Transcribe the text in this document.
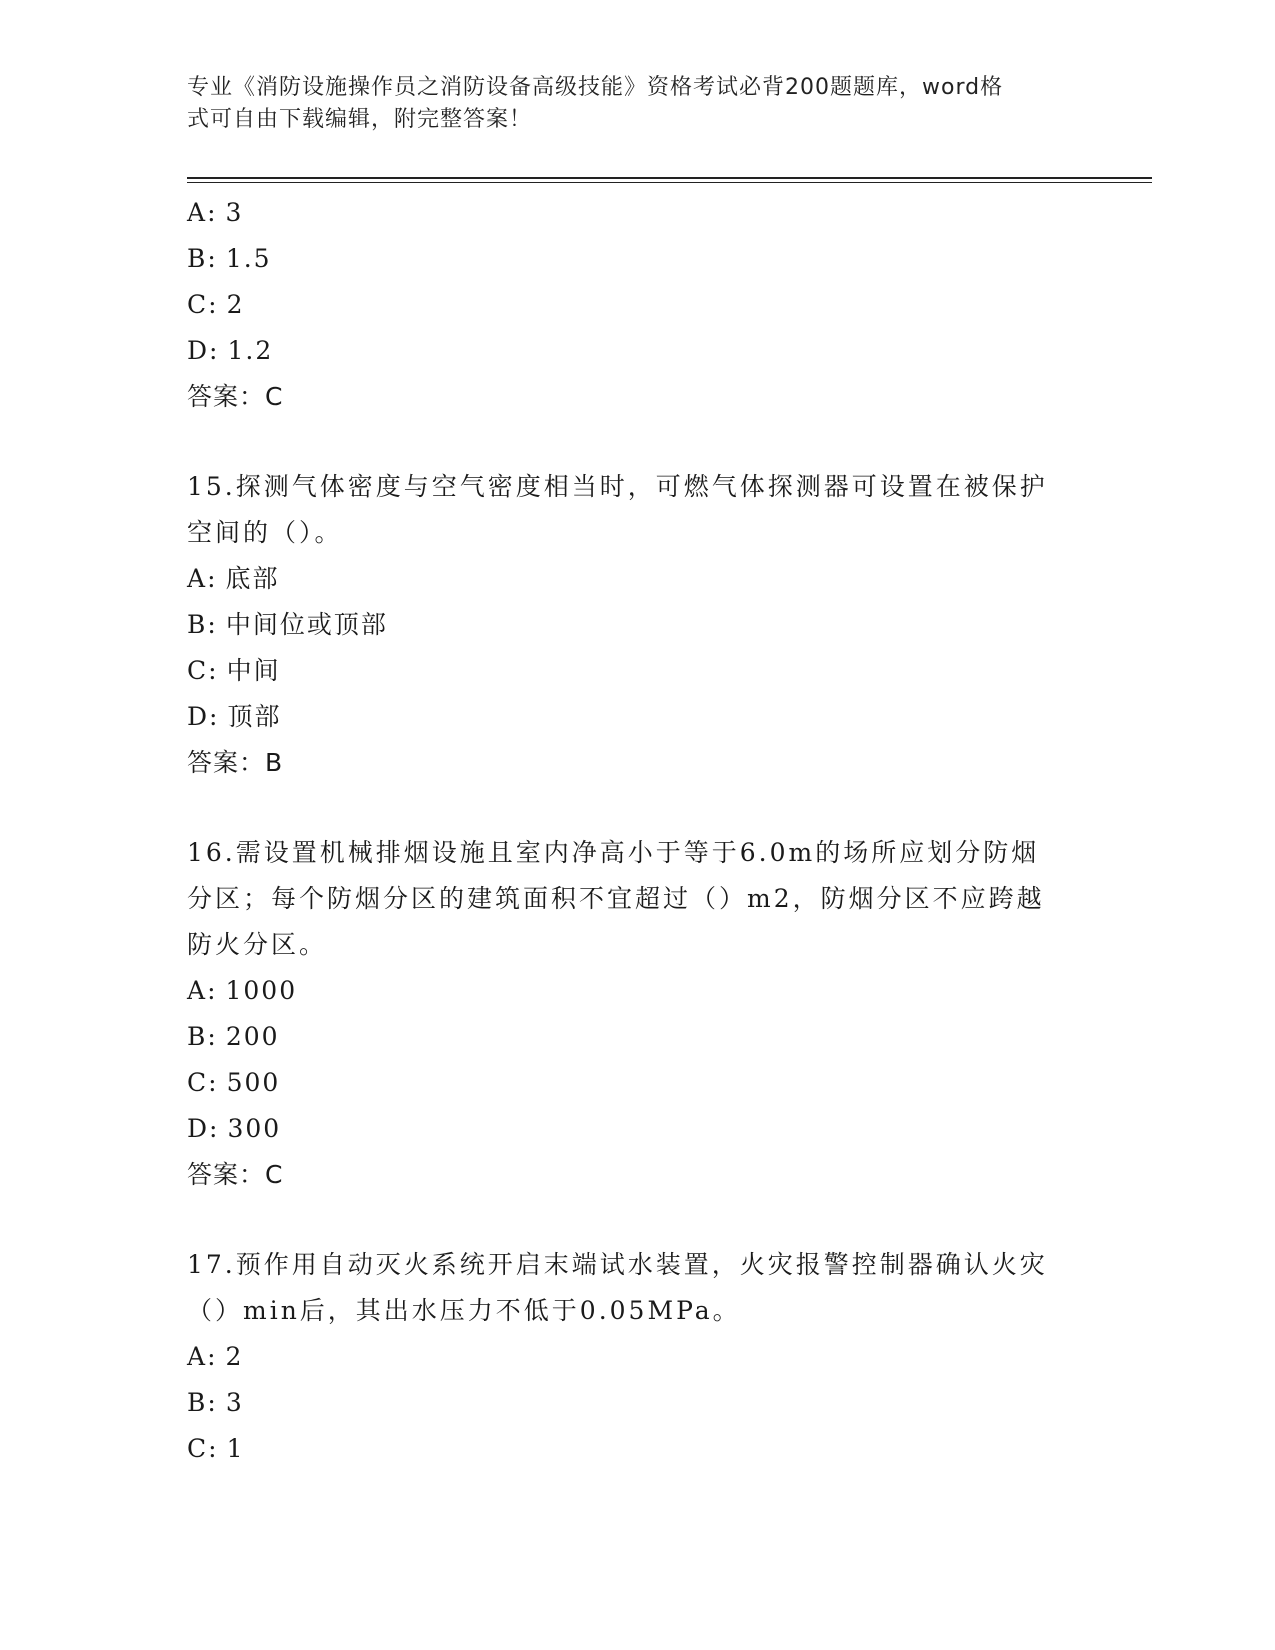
专业《消防设施操作员之消防设备高级技能》资格考试必背200题题库，word格
式可自由下载编辑，附完整答案！
A: 3
B: 1.5
C: 2
D: 1.2
答案：C
15.探测气体密度与空气密度相当时，可燃气体探测器可设置在被保护
空间的（）。
A: 底部
B: 中间位或顶部
C: 中间
D: 顶部
答案：B
16.需设置机械排烟设施且室内净高小于等于6.0m的场所应划分防烟
分区；每个防烟分区的建筑面积不宜超过（）m2，防烟分区不应跨越
防火分区。
A: 1000
B: 200
C: 500
D: 300
答案：C
17.预作用自动灭火系统开启末端试水装置，火灾报警控制器确认火灾
（）min后，其出水压力不低于0.05MPa。
A: 2
B: 3
C: 1
